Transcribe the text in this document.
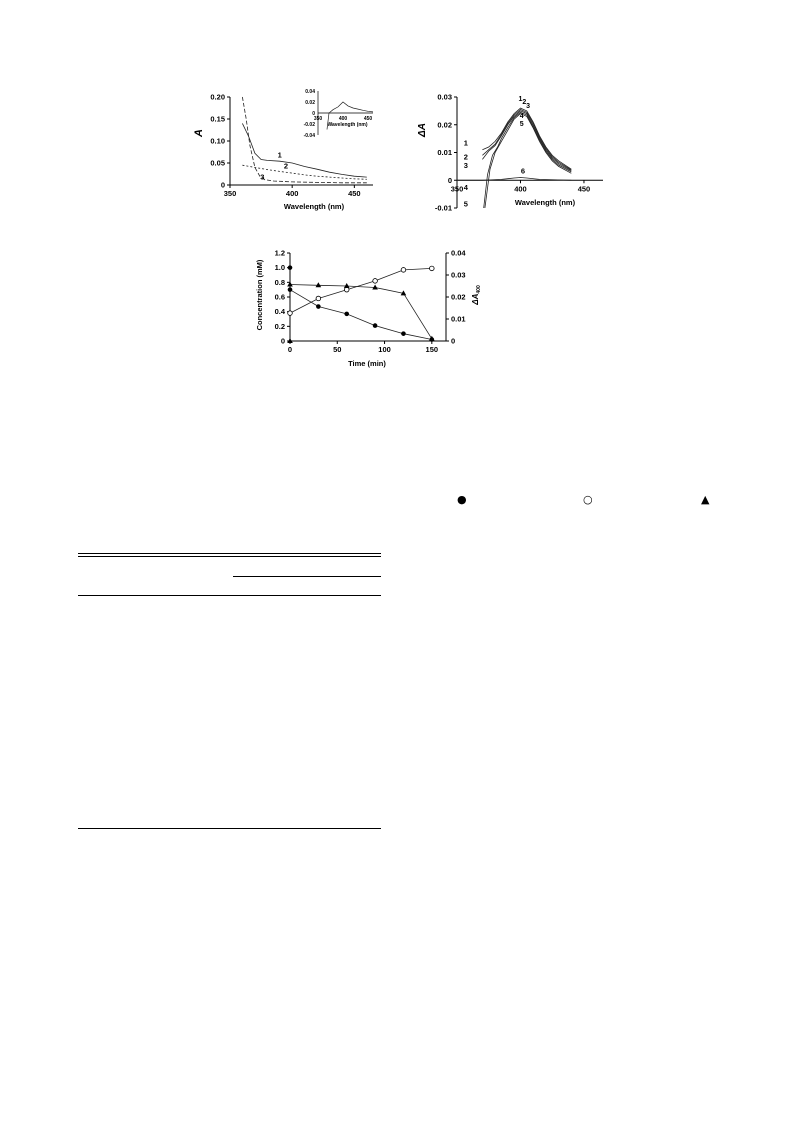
350	400	450
0
0.05
0.10
0.15
0.20
1
2
3
0.04
0.02
0
-0.02
-0.04
350	400	450
Wavelength (nm)
A
Wavelength (nm)
350	400	450
0.03
0.02
0.01
0
-0.01
1
2
3
4
5
6
1 2
3
4
5
ΔA
Wavelength (nm)
0	50	100	150
0
0.2
0.4
0.6
0.8
1.0
1.2
0
0.01
0.02
0.03
0.04
Concentration (mM)	$\Delta A_{400}$
Time (min)
●	○	▲
